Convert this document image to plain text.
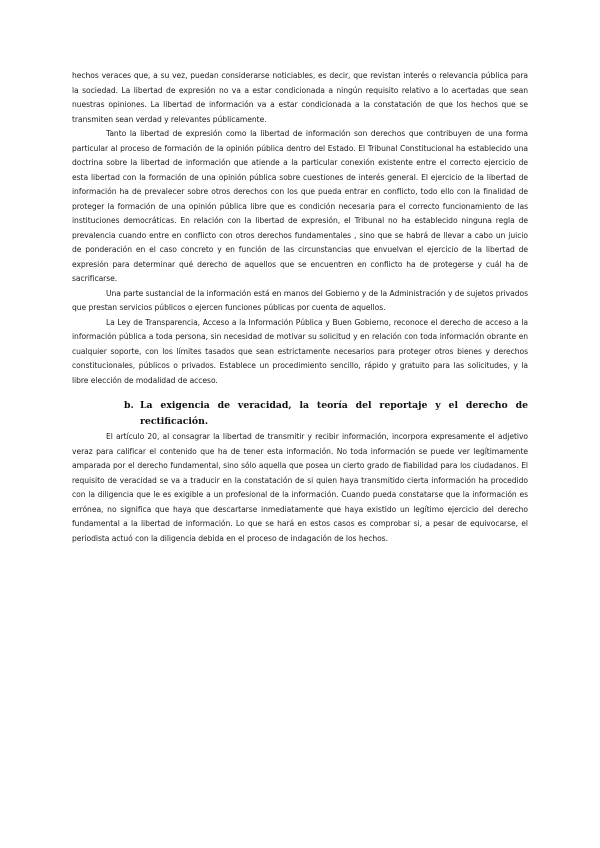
hechos veraces que, a su vez, puedan considerarse noticiables, es decir, que revistan interés o relevancia pública para la sociedad. La libertad de expresión no va a estar condicionada a ningún requisito relativo a lo acertadas que sean nuestras opiniones. La libertad de información va a estar condicionada a la constatación de que los hechos que se transmiten sean verdad y relevantes públicamente.

Tanto la libertad de expresión como la libertad de información son derechos que contribuyen de una forma particular al proceso de formación de la opinión pública dentro del Estado. El Tribunal Constitucional ha establecido una doctrina sobre la libertad de información que atiende a la particular conexión existente entre el correcto ejercicio de esta libertad con la formación de una opinión pública sobre cuestiones de interés general. El ejercicio de la libertad de información ha de prevalecer sobre otros derechos con los que pueda entrar en conflicto, todo ello con la finalidad de proteger la formación de una opinión pública libre que es condición necesaria para el correcto funcionamiento de las instituciones democráticas. En relación con la libertad de expresión, el Tribunal no ha establecido ninguna regla de prevalencia cuando entre en conflicto con otros derechos fundamentales , sino que se habrá de llevar a cabo un juicio de ponderación en el caso concreto y en función de las circunstancias que envuelvan el ejercicio de la libertad de expresión para determinar qué derecho de aquellos que se encuentren en conflicto ha de protegerse y cuál ha de sacrificarse.

Una parte sustancial de la información está en manos del Gobierno y de la Administración y de sujetos privados que prestan servicios públicos o ejercen funciones públicas por cuenta de aquellos.

La Ley de Transparencia, Acceso a la Información Pública y Buen Gobierno, reconoce el derecho de acceso a la información pública a toda persona, sin necesidad de motivar su solicitud y en relación con toda información obrante en cualquier soporte, con los límites tasados que sean estrictamente necesarios para proteger otros bienes y derechos constitucionales, públicos o privados. Establece un procedimiento sencillo, rápido y gratuito para las solicitudes, y la libre elección de modalidad de acceso.

b. La exigencia de veracidad, la teoría del reportaje y el derecho de rectificación.

El artículo 20, al consagrar la libertad de transmitir y recibir información, incorpora expresamente el adjetivo veraz para calificar el contenido que ha de tener esta información. No toda información se puede ver legítimamente amparada por el derecho fundamental, sino sólo aquella que posea un cierto grado de fiabilidad para los ciudadanos. El requisito de veracidad se va a traducir en la constatación de si quien haya transmitido cierta información ha procedido con la diligencia que le es exigible a un profesional de la información. Cuando pueda constatarse que la información es errónea, no significa que haya que descartarse inmediatamente que haya existido un legítimo ejercicio del derecho fundamental a la libertad de información. Lo que se hará en estos casos es comprobar si, a pesar de equivocarse, el periodista actuó con la diligencia debida en el proceso de indagación de los hechos.
